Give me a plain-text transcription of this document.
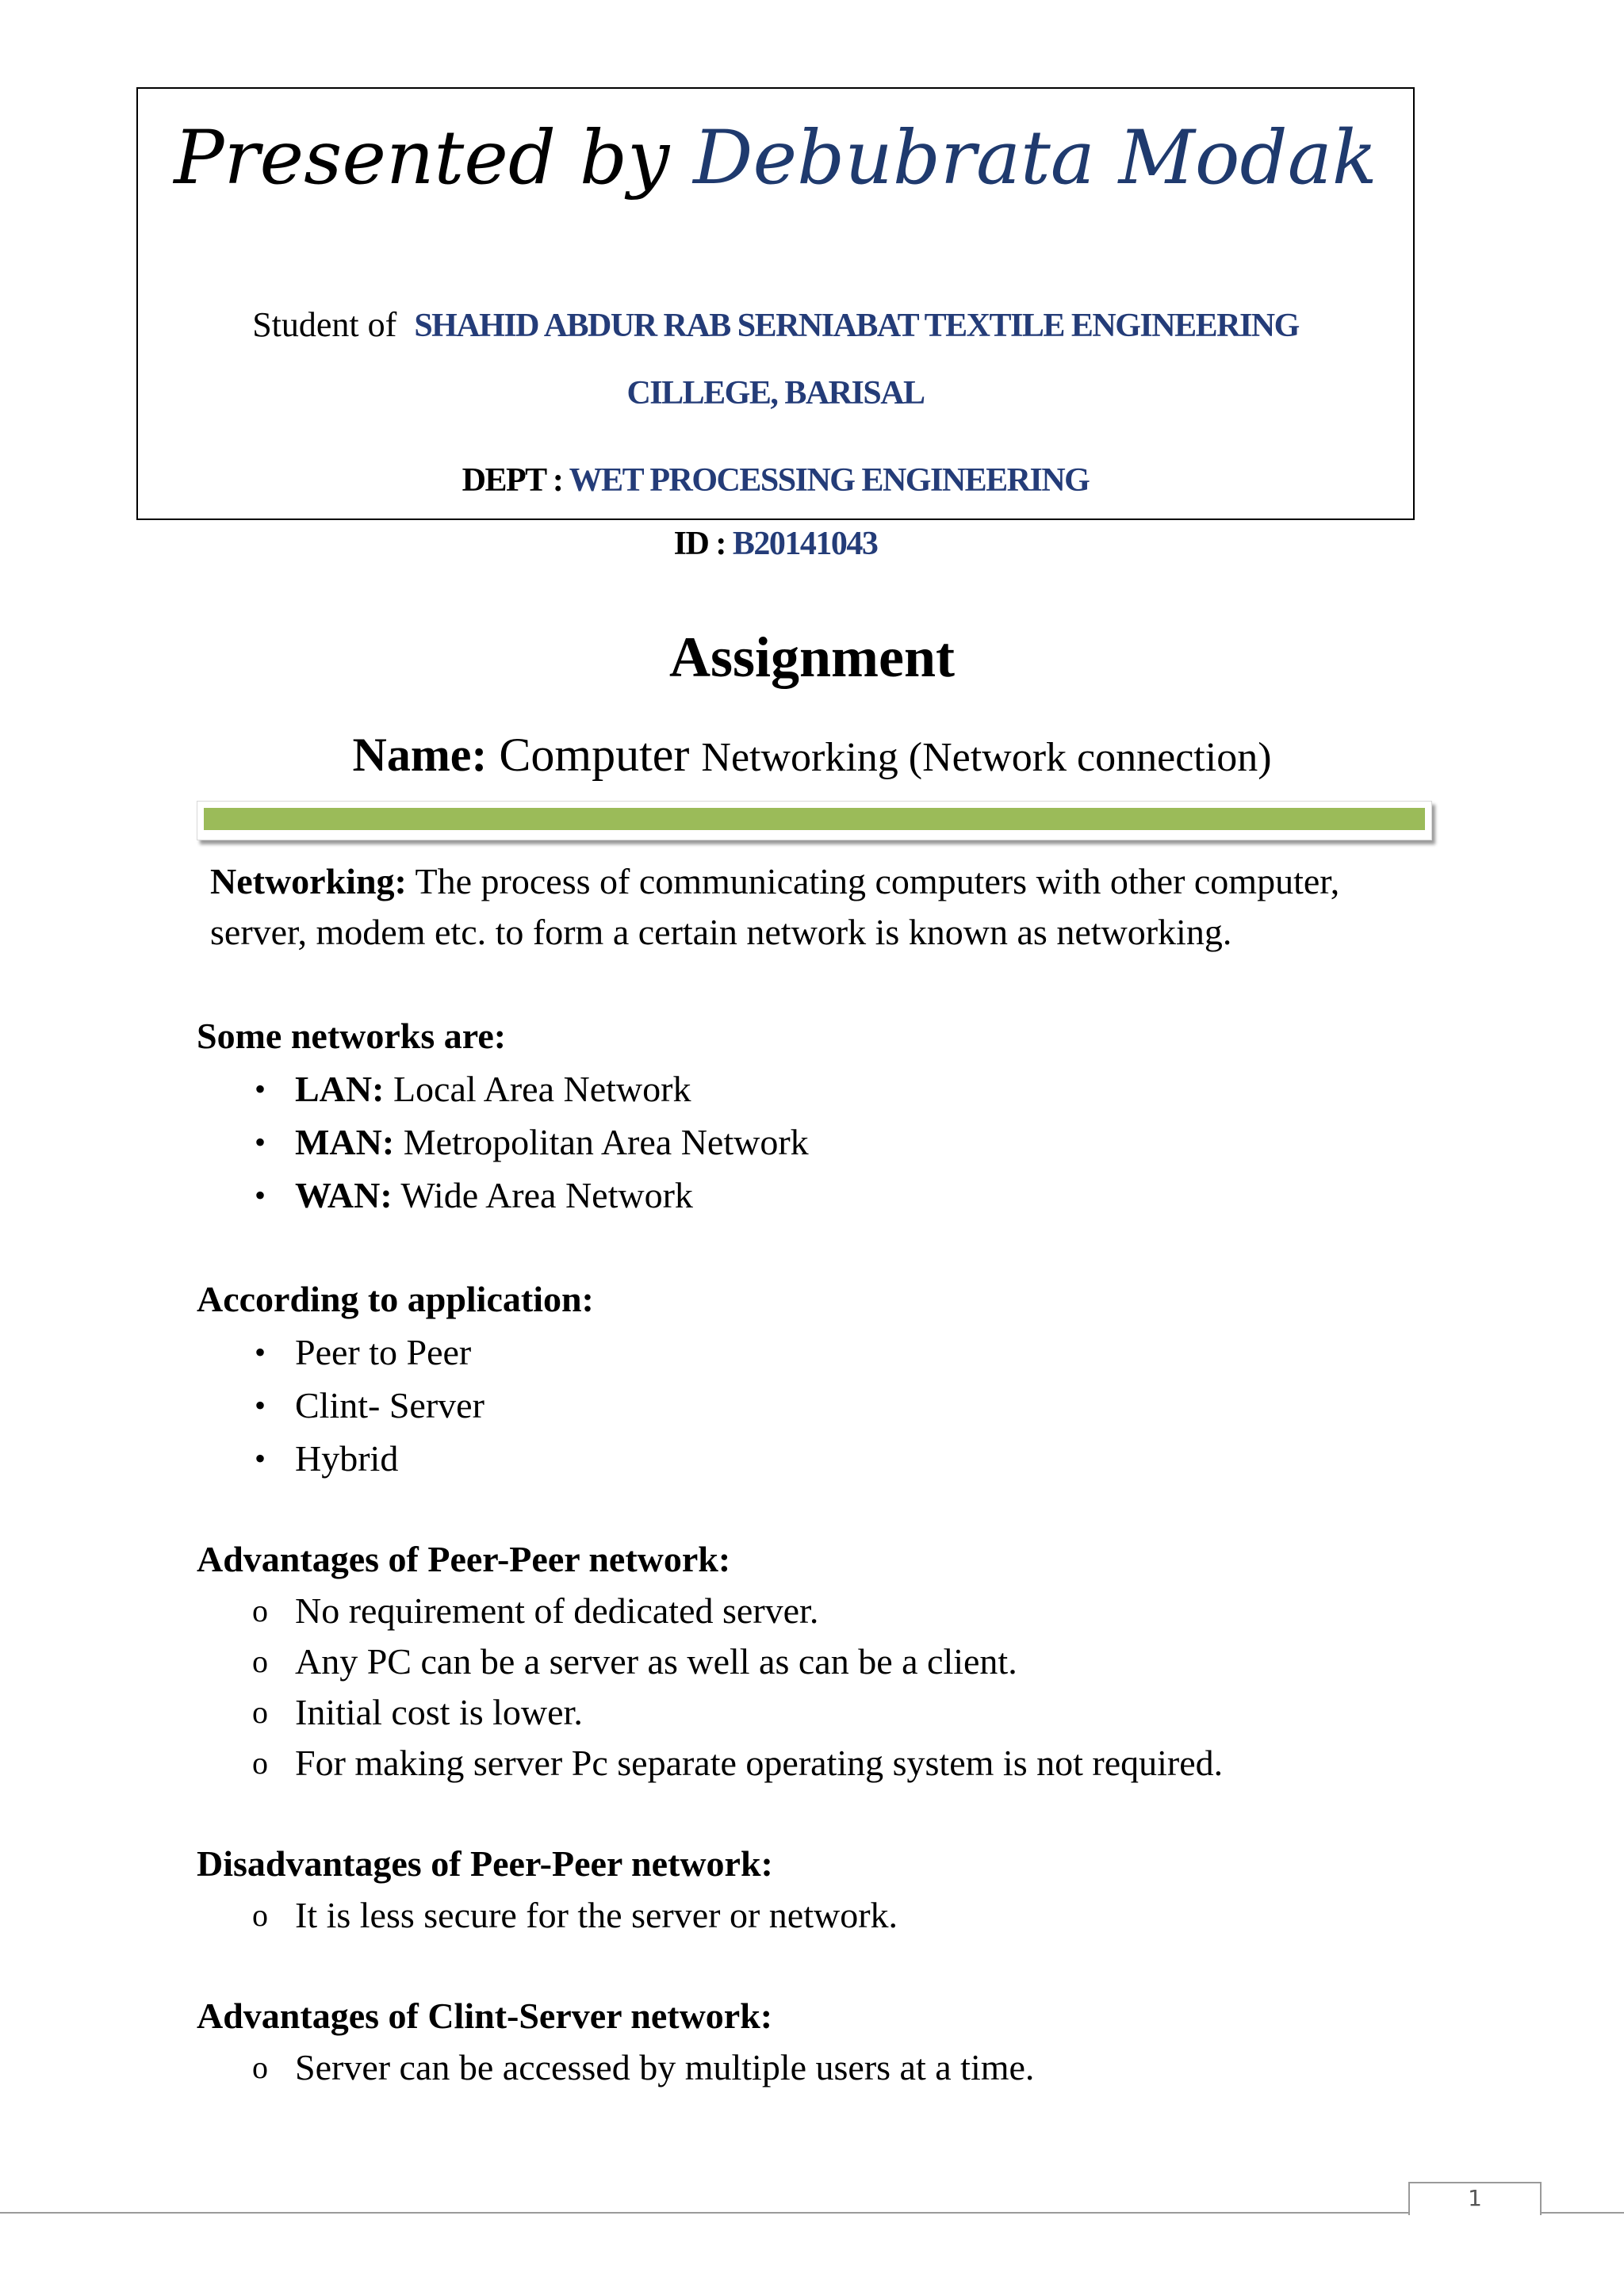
Presented by Debubrata Modak
Student of SHAHID ABDUR RAB SERNIABAT TEXTILE ENGINEERING
CILLEGE, BARISAL
DEPT : WET PROCESSING ENGINEERING
ID : B20141043
Assignment
Name: Computer Networking (Network connection)
Networking: The process of communicating computers with other computer, server, modem etc. to form a certain network is known as networking.
Some networks are:
• LAN: Local Area Network
• MAN: Metropolitan Area Network
• WAN: Wide Area Network
According to application:
• Peer to Peer
• Clint- Server
• Hybrid
Advantages of Peer-Peer network:
o No requirement of dedicated server.
o Any PC can be a server as well as can be a client.
o Initial cost is lower.
o For making server Pc separate operating system is not required.
Disadvantages of Peer-Peer network:
o It is less secure for the server or network.
Advantages of Clint-Server network:
o Server can be accessed by multiple users at a time.
1
